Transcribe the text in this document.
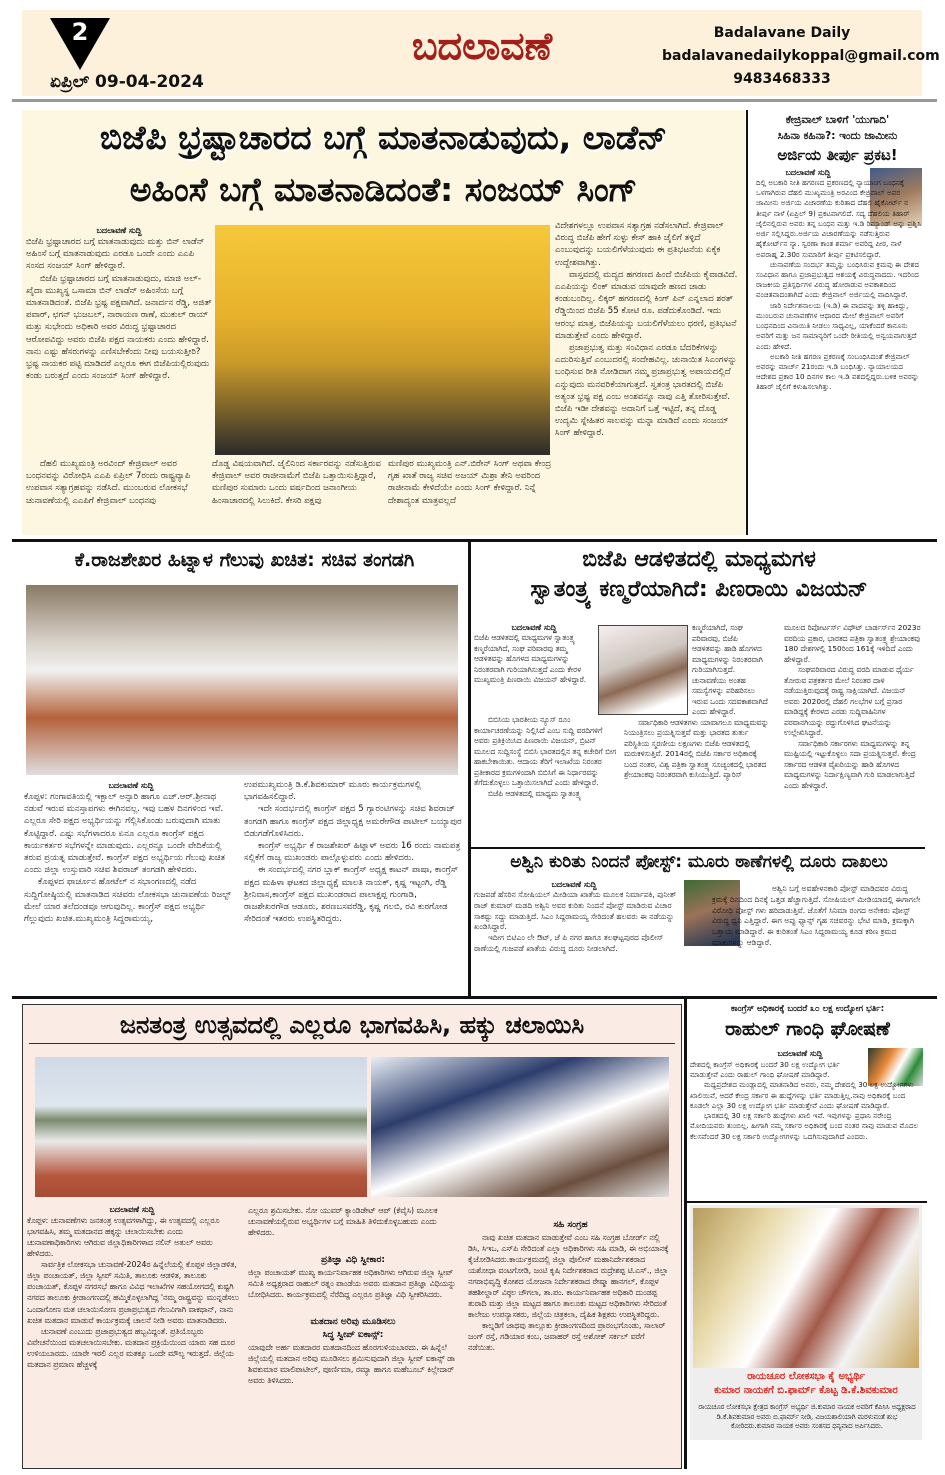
2
ಏಪ್ರಿಲ್ 09-04-2024
ಬದಲಾವಣೆ	Badalavane Daily
badalavanedailykoppal@gmail.com
9483468333
ಬಿಜೆಪಿ ಭ್ರಷ್ಟಾಚಾರದ ಬಗ್ಗೆ ಮಾತನಾಡುವುದು, ಲಾಡೆನ್
ಅಹಿಂಸೆ ಬಗ್ಗೆ ಮಾತನಾಡಿದಂತೆ: ಸಂಜಯ್ ಸಿಂಗ್
ಬದಲಾವಣೆ ಸುದ್ದಿ

ಬಿಜೆಪಿ ಭ್ರಷ್ಟಾಚಾರದ ಬಗ್ಗೆ ಮಾತನಾಡುವುದು ಮತ್ತು ಬಿನ್ ಲಾಡೆನ್ ಅಹಿಂಸೆ ಬಗ್ಗೆ ಮಾತನಾಡುವುದು ಎರಡೂ ಒಂದೇ ಎಂದು ಎಎಪಿ ಸಂಸದ ಸಂಜಯ್ ಸಿಂಗ್ ಹೇಳಿದ್ದಾರೆ.

ಬಿಜೆಪಿ ಭ್ರಷ್ಟಾಚಾರದ ಬಗ್ಗೆ ಮಾತನಾಡುವುದು, ಮಾಜಿ ಅಲ್-ಖೈದಾ ಮುಖ್ಯಸ್ಥ ಒಸಾಮಾ ಬಿನ್ ಲಾಡೆನ್ ಅಹಿಂಸೆಯ ಬಗ್ಗೆ ಮಾತನಾಡಿದಂತೆ. ಬಿಜೆಪಿ ಭ್ರಷ್ಟ ಪಕ್ಷವಾಗಿದೆ. ಜನಾರ್ದನ ರೆಡ್ಡಿ, ಅಜಿತ್ ಪವಾರ್, ಛಗನ್ ಭುಜಬಲ್, ನಾರಾಯಣ ರಾಣೆ, ಮುಕುಲ್ ರಾಯ್ ಮತ್ತು ಸುಭೇಂದು ಅಧಿಕಾರಿ ಅವರ ವಿರುದ್ಧ ಭ್ರಷ್ಟಾಚಾರದ ಆರೋಪವಿದ್ದು ಅವರು ಬಿಜೆಪಿ ಪಕ್ಷದ ನಾಯಕರು ಎಂದು ಹೇಳಿದ್ದಾರೆ. ನಾನು ಎಷ್ಟು ಹೆಸರುಗಳನ್ನು ಎಣಿಸಬೇಕೆಂದು ನೀವು ಬಯಸುತ್ತೀರಿ? ಭ್ರಷ್ಟ ನಾಯಕರ ಪಟ್ಟಿ ಮಾಡಿದರೆ ಎಲ್ಲರೂ ಈಗ ಬಿಜೆಪಿಯಲ್ಲಿರುವುದು ಕಂಡು ಬರುತ್ತದೆ ಎಂದು ಸಂಜಯ್ ಸಿಂಗ್ ಹೇಳಿದ್ದಾರೆ.

ವಿದೇಶಗಳಲ್ಲೂ ಉಪವಾಸ ಸತ್ಯಾಗ್ರಹ ನಡೆಸಲಾಗಿದೆ. ಕೇಜ್ರಿವಾಲ್ ವಿರುದ್ಧ ಬಿಜೆಪಿ ಹೇಗೆ ಸುಳ್ಳು ಕೇಸ್ ಹಾಕಿ ಜೈಲಿಗೆ ತಳ್ಳಿದೆ ಎಂಬುವುದನ್ನು ಬಯಲಿಗೆಳೆಯುವುದು ಈ ಪ್ರತಿಭಟನೆಯ ಏಕೈಕ ಉದ್ದೇಶವಾಗಿತ್ತು.

ವಾಸ್ತವದಲ್ಲಿ ಮದ್ಯದ ಹಗರಣದ ಹಿಂದೆ ಬಿಜೆಪಿಯ ಕೈವಾಡವಿದೆ. ಎಎಪಿಯನ್ನು ಲಿಂಕ್ ಮಾಡುವ ಯಾವುದೇ ಹಣದ ಜಾಡು ಕಂಡುಬಂದಿಲ್ಲ. ಲಿಕ್ಕರ್ ಹಗರಣದಲ್ಲಿ ಕಿಂಗ್ ಪಿನ್ ಎನ್ನಲಾದ ಶರತ್ ರೆಡ್ಡಿಯಿಂದ ಬಿಜೆಪಿ 55 ಕೋಟಿ ರೂ. ಪಡೆದುಕೊಂಡಿದೆ. ಇದು ಆರಂಭ ಮಾತ್ರ, ಬಿಜೆಪಿಯನ್ನು ಬಯಲಿಗೆಳೆಯಲು ಧರಣಿ, ಪ್ರತಿಭಟನೆ ಮಾಡುತ್ತೇವೆ ಎಂದು ಹೇಳಿದ್ದಾರೆ.

ಪ್ರಜಾಪ್ರಭುತ್ವ ಮತ್ತು ಸಂವಿಧಾನ ಎರಡೂ ಬೆದರಿಕೆಗಳನ್ನು ಎದುರಿಸುತ್ತಿವೆ ಎಂಬುದರಲ್ಲಿ ಸಂದೇಹವಿಲ್ಲ. ಚುನಾಯಿತ ಸಿಎಂಗಳನ್ನು ಬಂಧಿಸುವ ರೀತಿ ನೋಡಿದಾಗ ನಮ್ಮ ಪ್ರಜಾಪ್ರಭುತ್ವ ಅಪಾಯದಲ್ಲಿದೆ ಎನ್ನುವುದು ಮನವರಿಕೆಯಾಗುತ್ತದೆ. ಸ್ವತಂತ್ರ ಭಾರತದಲ್ಲಿ ಬಿಜೆಪಿ ಅತ್ಯಂತ ಭ್ರಷ್ಟ ಪಕ್ಷ ಎಂಬ ಅಂಶವನ್ನೂ ನಾವು ಎತ್ತಿ ತೋರಿಸುತ್ತೇವೆ. ಬಿಜೆಪಿ ಇಡೀ ದೇಶವನ್ನು ಅದಾನಿಗೆ ಒತ್ತೆ ಇಟ್ಟಿದೆ, ತನ್ನ ದೊಡ್ಡ ಉದ್ಯಮಿ ಸ್ನೇಹಿತರ ಸಾಲವನ್ನು ಮನ್ನಾ ಮಾಡಿದೆ ಎಂದು ಸಂಜಯ್ ಸಿಂಗ್ ಹೇಳಿದ್ದಾರೆ.

ದೆಹಲಿ ಮುಖ್ಯಮಂತ್ರಿ ಅರವಿಂದ್ ಕೇಜ್ರಿವಾಲ್ ಅವರ ಬಂಧನವನ್ನು ವಿರೋಧಿಸಿ ಎಎಪಿ ಏಪ್ರಿಲ್ 7ರಂದು ರಾಷ್ಟ್ರವ್ಯಾಪಿ ಉಪವಾಸ ಸತ್ಯಾಗ್ರಹವನ್ನು ನಡೆಸಿದೆ. ಮುಂಬರುವ ಲೋಕಸಭೆ ಚುನಾವಣೆಯಲ್ಲಿ ಎಎಪಿಗೆ ಕೇಜ್ರಿವಾಲ್ ಬಂಧನವು
ದೊಡ್ಡ ವಿಷಯವಾಗಿದೆ. ಜೈಲಿನಿಂದ ಸರ್ಕಾರವನ್ನು ನಡೆಸುತ್ತಿರುವ ಕೇಜ್ರಿವಾಲ್ ಅವರ ರಾಜೀನಾಮೆಗೆ ಬಿಜೆಪಿ ಒತ್ತಾಯಿಸುತ್ತಿದ್ದಾರೆ, ಮಣಿಪುರ ಸುಮಾರು ಒಂದು ವರ್ಷದಿಂದ ಜನಾಂಗೀಯ ಹಿಂಸಾಚಾರದಲ್ಲಿ ಸಿಲುಕಿದೆ. ಕೇಸರಿ ಪಕ್ಷವು
ಮಣಿಪುರ ಮುಖ್ಯಮಂತ್ರಿ ಎನ್.ಬಿರೇನ್ ಸಿಂಗ್ ಅಥವಾ ಕೇಂದ್ರ ಗೃಹ ಖಾತೆ ರಾಜ್ಯ ಸಚಿವ ಅಜಯ್ ಮಿಶ್ರಾ ತೇನಿ ಅವರಿಂದ ರಾಜೀನಾಮೆ ಕೇಳಿದೆಯೇ ಎಂದು ಸಿಂಗ್ ಕೇಳಿದ್ದಾರೆ. ನಿನ್ನೆ ದೇಶಾದ್ಯಂತ ಮಾತ್ರವಲ್ಲದೆ
ಕೇಜ್ರಿವಾಲ್ ಬಾಳಿಗೆ 'ಯುಗಾದಿ'
ಸಿಹಿನಾ ಕಹಿನಾ?: ಇಂದು ಜಾಮೀನು
ಅರ್ಜಿಯ ತೀರ್ಪು ಪ್ರಕಟ!
ಬದಲಾವಣೆ ಸುದ್ದಿ

ದಿಲ್ಲಿ ಅಬಕಾರಿ ನೀತಿ ಹಗರಣದ ಪ್ರಕರಣದಲ್ಲಿ ನ್ಯಾಯಾಂಗ ಬಂಧನಕ್ಕೆ ಒಳಗಾಗಿರುವ ದೆಹಲಿ ಮುಖ್ಯಮಂತ್ರಿ ಅರವಿಂದ ಕೇಜ್ರಿವಾಲ್ ಅವರ ಜಾಮೀನು ಅರ್ಜಿಯ ವಿಚಾರಣೆಯ ಕುರಿತಾದ ದೆಹಲಿ ಹೈಕೋರ್ಟ್ ನ ತೀರ್ಪು ನಾಳೆ (ಏಪ್ರಿಲ್ 9) ಪ್ರಕಟವಾಗಲಿದೆ. ಸದ್ಯ ದೆಹಲಿಯ ತಿಹಾರ್ ಜೈಲಿನಲ್ಲಿರುವ ಅವರು ತನ್ನ ಬಂಧನ ಮತ್ತು ಇ.ಡಿ ರಿಮ್ಯಾಂಡ್ ಅನ್ನು ಪ್ರಶ್ನಿಸಿ ಅರ್ಜಿ ಸಲ್ಲಿಸಿದ್ದರು.ಅರ್ಜಿಯ ವಿಚಾರಣೆಯನ್ನು ನಡೆಸುತ್ತಿರುವ ಹೈಕೋರ್ಟ್‌ನ ನ್ಯಾ. ಸ್ವರಣಾ ಕಾಂತ ಶರ್ಮಾ ಅವರಿದ್ದ ಪೀಠ, ನಾಳೆ ಅಪರಾಹ್ನ 2.30ರ ಸುಮಾರಿಗೆ ತೀರ್ಪು ಪ್ರಕಟಿಸಲಿದ್ದಾರೆ.

ಚುನಾವಣೆಯ ಸಂದರ್ಭ ತಮ್ಮನ್ನು ಬಂಧಿಸಿರುವ ಕ್ರಮವು ಈ ದೇಶದ ಸಂವಿಧಾನ ಹಾಗೂ ಪ್ರಜಾಪ್ರಭುತ್ವದ ಆಶಯಕ್ಕೆ ವಿರುದ್ಧವಾದದು. ಇದರಿಂದ ರಾಜಕೀಯ ಪ್ರತಿಸ್ಪರ್ಧಿಗಳ ವಿರುದ್ಧ ಹೋರಾಡುವ ಅವಕಾಶದಿಂದ ವಂಚಿತವಾದಂತಾಗಿದೆ ಎಂದು ಕೇಜ್ರಿವಾಲ್ ಅರ್ಜಿಯಲ್ಲಿ ವಾದಿಸಿದ್ದಾರೆ.

ಜಾರಿ ನಿರ್ದೇಶನಾಲಯ (ಇ.ಡಿ) ಈ ವಾದವನ್ನು ತಳ್ಳಿ ಹಾಕಿದ್ದು, ಮುಂಬರುವ ಚುನಾವಣೆಗಳ ಆಧಾರದ ಮೇಲೆ ಕೇಜ್ರಿವಾಲ್ ಅವರಿಗೆ ಬಂಧನದಿಂದ ವಿನಾಯಿತಿ ನೀಡಲು ಸಾಧ್ಯವಿಲ್ಲ, ಯಾಕೆಂದರೆ ಕಾನೂನು ಅವರಿಗೆ ಮತ್ತು ಜನ ಸಾಮಾನ್ಯರಿಗೆ ಒಂದೇ ರೀತಿಯಲ್ಲಿ ಅನ್ವಯವಾಗುತ್ತದೆ ಎಂದು ಹೇಳಿದೆ.

ಅಬಕಾರಿ ನೀತಿ ಹಗರಣ ಪ್ರಕರಣಕ್ಕೆ ಸಂಬಂಧಿಸಿದಂತೆ ಕೇಜ್ರಿವಾಲ್ ಅವರನ್ನು ಮಾರ್ಚ್ 21ರಂದು ಇ.ಡಿ ಬಂಧಿಸಿತ್ತು. ನ್ಯಾಯಾಲಯದ ಆದೇಶದ ಪ್ರಕಾರ 10 ದಿನಗಳ ಕಾಲ ಇ.ಡಿ ವಶದಲ್ಲಿದ್ದರು.ಬಳಿಕ ಅವರನ್ನು ತಿಹಾರ್ ಜೈಲಿಗೆ ಕಳುಹಿಸಲಾಗಿತ್ತು.

ಕೆ.ರಾಜಶೇಖರ ಹಿಟ್ನಾಳ ಗೆಲುವು ಖಚಿತ: ಸಚಿವ ತಂಗಡಗಿ
ಬದಲಾವಣೆ ಸುದ್ದಿ

ಕೊಪ್ಪಳ: ಗಂಗಾವತಿಯಲ್ಲಿ ಇಕ್ಬಾಲ್ ಅನ್ಸಾರಿ ಹಾಗೂ ಎಚ್.ಆರ್.ಶ್ರೀನಾಥ ನಡುವೆ ಇರುವ ಮನಸ್ತಾಪಗಳು ಈಗಿನವಲ್ಲ. ಇವು ಬಹಳ ದಿನಗಳಿಂದ ಇವೆ. ಎಲ್ಲರೂ ಸೇರಿ ಪಕ್ಷದ ಅಭ್ಯರ್ಥಿಯನ್ನು ಗೆಲ್ಲಿಸಿಕೊಂಡು ಬರುವುದಾಗಿ ಮಾತು ಕೊಟ್ಟಿದ್ದಾರೆ. ಎಷ್ಟು ಸಭೆಗಳಾದರೂ ಏನೂ ಎಲ್ಲರೂ ಕಾಂಗ್ರೆಸ್ ಪಕ್ಷದ ಕಾರ್ಯಕರ್ತರ ಸಭೆಗಳನ್ನೇ ಮಾಡುವುದು. ಎಲ್ಲರನ್ನೂ ಒಂದೇ ವೇದಿಕೆಯಲ್ಲಿ ತರುವ ಪ್ರಯತ್ನ ಮಾಡುತ್ತೇವೆ. ಕಾಂಗ್ರೆಸ್ ಪಕ್ಷದ ಅಭ್ಯರ್ಥಿಯ ಗೆಲುವು ಖಚಿತ ಎಂದು ಜಿಲ್ಲಾ ಉಸ್ತುವಾರಿ ಸಚಿವ ಶಿವರಾಜ್ ತಂಗಡಗಿ ಹೇಳಿದರು.

ಕೊಪ್ಪಳದ ಫಾರ್ಚೂನ ಹೋಟೆಲ್ ನ ಸಭಾಂಗಣದಲ್ಲಿ ನಡೆದ ಸುದ್ದಿಗೋಷ್ಠಿಯಲ್ಲಿ ಮಾತನಾಡಿದ ಸಚಿವರು ಲೋಕಸಭಾ ಚುನಾವಣೆಯ ರಿಜಲ್ಟ್ ಮೇಲೆ ಯಾರ ತಲೆದಂಡವೂ ಆಗುವುದಿಲ್ಲ. ಕಾಂಗ್ರೆಸ್ ಪಕ್ಷದ ಅಭ್ಯರ್ಥಿ ಗೆಲ್ಲುವುದು ಖಚಿತ.ಮುಖ್ಯಮಂತ್ರಿ ಸಿದ್ದರಾಮಯ್ಯ,

ಉಪಮುಖ್ಯಮಂತ್ರಿ ಡಿ.ಕೆ.ಶಿವಕುಮಾರ್ ಮೂರು ಕಾರ್ಯಕ್ರಮಗಳಲ್ಲಿ ಭಾಗವಹಿಸಲಿದ್ದಾರೆ.

ಇದೇ ಸಂದರ್ಭದಲ್ಲಿ ಕಾಂಗ್ರೆಸ್ ಪಕ್ಷದ 5 ಗ್ಯಾರಂಟಿಗಳನ್ನು ಸಚಿವ ಶಿವರಾಜ್ ತಂಗಡಗಿ ಹಾಗೂ ಕಾಂಗ್ರೆಸ್ ಪಕ್ಷದ ಜಿಲ್ಲಾಧ್ಯಕ್ಷ ಅಮರೇಗೌಡ ಪಾಟೀಲ್ ಬಯ್ಯಾಪುರ ಬಿಡುಗಡೆಗೊಳಿಸಿದರು.

ಕಾಂಗ್ರೆಸ್ ಅಭ್ಯರ್ಥಿ ಕೆ ರಾಜಶೇಖರ್ ಹಿಟ್ನಾಳ್ ಅವರು 16 ರಂದು ನಾಮಪತ್ರ ಸಲ್ಲಿಕೆಗೆ ರಾಜ್ಯ ಮುಖಂಡರು ಪಾಲ್ಗೊಳ್ಳುವರು ಎಂದು ಹೇಳಿದರು.

ಈ ಸಂದರ್ಭದಲ್ಲಿ ನಗರ ಬ್ಲಾಕ್ ಕಾಂಗ್ರೆಸ್ ಅಧ್ಯಕ್ಷ ಕಾಟನ್ ಪಾಷಾ, ಕಾಂಗ್ರೆಸ್ ಪಕ್ಷದ ಮಹಿಳಾ ಘಟಕದ ಜಿಲ್ಲಾಧ್ಯಕ್ಷೆ ಮಾಲತಿ ನಾಯಕ್, ಕೃಷ್ಣ ಇಟ್ಟಂಗಿ, ರೆಡ್ಡಿ ಶ್ರೀನಿವಾಸ,ಕಾಂಗ್ರೆಸ್ ಪಕ್ಷದ ಮುಖಂಡರಾದ ಪಾಲಾಕ್ಷಪ್ಪ ಗುಂಗಾಡಿ, ರಾಜಶೇಖರಗೌಡ ಆಡೂರು, ಶರಣಬಸವರೆಡ್ಡಿ, ಕೃಷ್ಣ ಗಲಬಿ, ರವಿ ಕುರಗೋಡ ಸೇರಿದಂತೆ ಇತರರು ಉಪಸ್ಥಿತರಿದ್ದರು.

ಬಿಜೆಪಿ ಆಡಳಿತದಲ್ಲಿ ಮಾಧ್ಯಮಗಳ
ಸ್ವಾತಂತ್ರ್ಯ ಕಣ್ಮರೆಯಾಗಿದೆ: ಪಿಣರಾಯಿ ವಿಜಯನ್
ಬದಲಾವಣೆ ಸುದ್ದಿ

ಬಿಜೆಪಿ ಆಡಳಿತದಲ್ಲಿ ಮಾಧ್ಯಮಗಳ ಸ್ವಾತಂತ್ರ್ಯ ಕಣ್ಮರೆಯಾಗಿದೆ, ಸಂಘ ಪರಿವಾರವು ತಮ್ಮ ಆಡಳಿತವನ್ನು ಹೊಗಳದ ಮಾಧ್ಯಮಗಳನ್ನು ನಿರಂತರವಾಗಿ ಗುರಿಯಾಗಿಸುತ್ತದೆ ಎಂದು ಕೇರಳ ಮುಖ್ಯಮಂತ್ರಿ ಪಿಣರಾಯಿ ವಿಜಯನ್ ಹೇಳಿದ್ದಾರೆ.

ಬಿಬಿಸಿಯ ಭಾರತೀಯ ನ್ಯೂಸ್ ರೂಂ ಕಾರ್ಯಾಚರಣೆಯನ್ನು ನಿಲ್ಲಿಸಿದೆ ಎಂಬ ಸುದ್ದಿ ವರದಿಗಳಿಗೆ ಅವರು ಪ್ರತಿಕ್ರಿಯಿಸಿದ ಪಿಣರಾಯಿ ವಿಜಯನ್, ಬ್ರಿಟನ್ ಮೂಲದ ಸುದ್ದಿಸಂಸ್ಥೆ ಬಿಬಿಸಿ ಭಾರತದಲ್ಲಿನ ತನ್ನ ಕಚೇರಿಗೆ ಬೀಗ ಹಾಕಬೇಕಾಯಿತು. ಆದಾಯ ತೆರಿಗೆ ಇಲಾಖೆಯ ನಿರಂತರ ಪ್ರತೀಕಾರದ ಕ್ರಮಗಳಿಂದಾಗಿ ಬಿಬಿಸಿಗೆ ಈ ನಿರ್ಧಾರವನ್ನು ತೆಗೆದುಕೊಳ್ಳಲು ಒತ್ತಾಯಿಸಲಾಗಿದೆ ಎಂದು ಹೇಳಿದ್ದಾರೆ.

ಬಿಜೆಪಿ ಆಡಳಿತದಲ್ಲಿ ಮಾಧ್ಯಮ ಸ್ವಾತಂತ್ರ್ಯ

ಕಣ್ಮರೆಯಾಗಿದೆ, ಸಂಘ ಪರಿವಾರವು, ಬಿಜೆಪಿ ಆಡಳಿತವನ್ನು ಹಾಡಿ ಹೊಗಳದ ಮಾಧ್ಯಮಗಳನ್ನು ನಿರಂತರವಾಗಿ ಗುರಿಯಾಗಿಸುತ್ತದೆ. ಚುನಾವಣೆಯು ಅಂತಹ ಸಮಸ್ಯೆಗಳನ್ನು ಪರಿಹರಿಸಲು ಇರುವ ಒಂದು ಸದವಕಾಶವಾಗಿದೆ ಎಂದು ಹೇಳಿದ್ದಾರೆ.

ಸರ್ವಾಧಿಕಾರಿ ಆಡಳಿತಗಳು ಯಾವಾಗಲೂ ಮಾಧ್ಯಮವನ್ನು ನಿಯಂತ್ರಿಸಲು ಪ್ರಯತ್ನಿಸುತ್ತವೆ ಮತ್ತು ಭಾರತದ ತುರ್ತು ಪರಿಸ್ಥಿತಿಯ ಸ್ಮರಣೀಯ ಲಕ್ಷಣಗಳು ಬಿಜೆಪಿ ಆಡಳಿತದಲ್ಲಿ ಮರುಕಳಿಸುತ್ತಿವೆ. 2014ರಲ್ಲಿ ಬಿಜೆಪಿ ಸರ್ಕಾರ ಅಧಿಕಾರಕ್ಕೆ ಬಂದ ನಂತರ, ವಿಶ್ವ ಪತ್ರಿಕಾ ಸ್ವಾತಂತ್ರ್ಯ ಸೂಚ್ಯಂಕದಲ್ಲಿ ಭಾರತದ ಶ್ರೇಯಾಂಕವು ನಿರಂತರವಾಗಿ ಕುಸಿಯುತ್ತಿದೆ. ಪ್ಯಾರಿಸ್

ಮೂಲದ ರಿಪೋರ್ಟರ್ಸ್ ವಿಥೌಟ್ ಬಾರ್ಡರ್ಸ್‌ನ 2023ರ ವರದಿಯ ಪ್ರಕಾರ, ಭಾರತದ ಪತ್ರಿಕಾ ಸ್ವಾತಂತ್ರ್ಯ ಶ್ರೇಯಾಂಕವು 180 ದೇಶಗಳಲ್ಲಿ 150ರಿಂದ 161ಕ್ಕೆ ಇಳಿದಿದೆ ಎಂದು ಹೇಳಿದ್ದಾರೆ.

ಸಂಘಪರಿವಾರದ ವಿರುದ್ಧ ವರದಿ ಮಾಡುವ ಧೈರ್ಯ ತೋರುವ ಪತ್ರಕರ್ತರ ಮೇಲೆ ನಿರಂತರ ದಾಳಿ ನಡೆಯುತ್ತಿರುವುದಕ್ಕೆ ರಾಷ್ಟ್ರ ಸಾಕ್ಷಿಯಾಗಿದೆ. ವಿಜಯನ್ ಅವರು 2020ರಲ್ಲಿ ದೆಹಲಿ ಗಲಭೆಗಳ ಬಗ್ಗೆ ಪ್ರಸಾರ ಮಾಡಿದ್ದಕ್ಕೆ ಕೇರಳದ ಎರಡು ಸುದ್ದಿವಾಹಿನಿಗಳ ಪರವಾನಗಿಯನ್ನು ರದ್ದುಗೊಳಿಸಿದ ಘಟನೆಯನ್ನು ಉಲ್ಲೇಖಿಸಿದ್ದಾರೆ.

ಸರ್ವಾಧಿಕಾರಿ ಸರ್ಕಾರಗಳು ಮಾಧ್ಯಮಗಳನ್ನು ತನ್ನ ಮುಷ್ಟಿಯಲ್ಲಿ ಇಟ್ಟುಕೊಳ್ಳಲು ಸದಾ ಪ್ರಯತ್ನಿಸುತ್ತವೆ. ಕೇಂದ್ರ ಸರ್ಕಾರದ ಆಡಳಿತ ವೈಖರಿಯನ್ನು ಹಾಡಿ ಹೊಗಳದ ಮಾಧ್ಯಮಗಳನ್ನು ನಿರ್ದಾಕ್ಷಿಣ್ಯವಾಗಿ ಗುರಿ ಮಾಡಲಾಗುತ್ತಿದೆ ಎಂದು ಹೇಳಿದ್ದಾರೆ.

ಅಶ್ವಿನಿ ಕುರಿತು ನಿಂದನೆ ಪೋಸ್ಟ್: ಮೂರು ಠಾಣೆಗಳಲ್ಲಿ ದೂರು ದಾಖಲು
ಬದಲಾವಣೆ ಸುದ್ದಿ

ಗುಜಪಡೆ ಹೆಸರಿನ ಸೋಷಿಯಲ್ ಮೀಡಿಯಾ ಖಾತೆಯ ಮೂಲಕ ನಿರ್ಮಾಪಕಿ, ಪುನೀತ್ ರಾಜ್ ಕುಮಾರ್ ಮಡದಿ ಅಶ್ವಿನಿ ಅವರ ಕುರಿತು ನಿಂದನೆ ಪೋಸ್ಟ್ ಮಾಡಿರುವ ವಿಚಾರ ಸಾಕಷ್ಟು ಸದ್ದು ಮಾಡುತ್ತಿದೆ. ಸಿಎಂ ಸಿದ್ದರಾಮಯ್ಯ ಸೇರಿದಂತೆ ಹಲವರು ಈ ನಡೆಯನ್ನು ಖಂಡಿಸಿದ್ದಾರೆ.

ಇದೀಗ ಬಿಟಿಎಂ ಲೇ ಔಟ್, ಜೆ ಪಿ ನಗರ ಹಾಗೂ ತಲಘಟ್ಟಪುರದ ಪೊಲೀಸ್ ಠಾಣೆಯಲ್ಲಿ ಗುಜಪಡೆ ಖಾತೆಯ ವಿರುದ್ಧ ದೂರು ನೀಡಲಾಗಿದೆ.

ಅಶ್ವಿನಿ ಬಗ್ಗೆ ಅವಹೇಳನಕಾರಿ ಪೋಸ್ಟ್ ಮಾಡಿದವರ ವಿರುದ್ಧ ಕ್ರಮಕ್ಕೆ ದಿನದಿಂದ ದಿನಕ್ಕೆ ಒತ್ತಡ ಹೆಚ್ಚಾಗುತ್ತಿದೆ. ಸೋಷಿಯಲ್ ಮೀಡಿಯಾದಲ್ಲಿ ಈಗಾಗಲೇ ವಿರೋಧಿ ಪೋಸ್ಟ್ ಗಳು ಹರಿದಾಡುತ್ತಿವೆ. ಜೊತೆಗೆ ಸಿನಿಮಾ ರಂಗದ ಅನೇಕರು ಪೋಸ್ಟ್ ವಿರುದ್ಧ ಧ್ವನಿ ಎತ್ತಿದ್ದಾರೆ. ಈಗ ಅಪ್ಪು ಫ್ಯಾನ್ಸ್ ಗೃಹ ಸಚಿವರನ್ನು ಭೇಟಿ ಮಾಡಿ, ಕ್ರಮಕ್ಕಾಗಿ ಒತ್ತಾಯ ಮಾಡಿದ್ದಾರೆ. ಈ ಕುರಿತಂತೆ ಸಿಎಂ ಸಿದ್ದರಾಮಯ್ಯ ಕೂಡ ಕಠಿಣ ಕ್ರಮದ ಮಾತುಗಳನ್ನು ಆಡಿದ್ದಾರೆ.
ಜನತಂತ್ರ ಉತ್ಸವದಲ್ಲಿ ಎಲ್ಲರೂ ಭಾಗವಹಿಸಿ, ಹಕ್ಕು ಚಲಾಯಿಸಿ
ಬದಲಾವಣೆ ಸುದ್ದಿ

ಕೊಪ್ಪಳ: ಚುನಾವಣೆಗಳು ಜನತಂತ್ರ ಉತ್ಸವಗಳಾಗಿದ್ದು, ಈ ಉತ್ಸವದಲ್ಲಿ ಎಲ್ಲರೂ ಭಾಗವಹಿಸಿ, ತಮ್ಮ ಮತದಾನದ ಹಕ್ಕನ್ನು ಚಲಾಯಿಸಬೇಕು ಎಂದು ಚುನಾವಣಾಧಿಕಾರಿಗಳು ಆಗಿರುವ ಜಿಲ್ಲಾಧಿಕಾರಿಗಳಾದ ನಲಿನ್ ಅತುಲ್ ಅವರು ಹೇಳಿದರು.

ಸಾರ್ವತ್ರಿಕ ಲೋಕಸಭಾ ಚುನಾವಣೆ-2024ರ ಹಿನ್ನೆಲೆಯಲ್ಲಿ ಕೊಪ್ಪಳ ಜಿಲ್ಲಾಡಳಿತ, ಜಿಲ್ಲಾ ಪಂಚಾಯತ್, ಜಿಲ್ಲಾ ಸ್ವೀಪ್ ಸಮಿತಿ, ತಾಲೂಕು ಆಡಳಿತ, ತಾಲೂಕು ಪಂಚಾಯತ್, ಕೊಪ್ಪಳ ನಗರಸಭೆ ಹಾಗೂ ವಿವಿಧ ಇಲಾಖೆಗಳ ಸಹಯೋಗದಲ್ಲಿ ಕುಷ್ಟಗಿ ನಗರದ ತಾಲೂಕು ಕ್ರೀಡಾಂಗಣದಲ್ಲಿ ಹಮ್ಮಿಕೊಳ್ಳಲಾಗಿದ್ದ 'ನಮ್ಮ ರಾಷ್ಟ್ರವನ್ನು ಮುನ್ನಡೆಸಲು ಒಂದಾಗೋಣ ಮತ ಚಲಾಯಿಸೋಣ ಪ್ರಜಾಪ್ರಭುತ್ವದ ಗೆಲುವಿಗಾಗಿ ವಾಕಥಾನ್, ನಾನು ಖಚಿತ ಮತದಾನ ಮಾಡುವೆ ಕಾರ್ಯಕ್ರಮಕ್ಕೆ ಚಾಲನೆ ನೀಡಿ ಅವರು ಮಾತನಾಡಿದರು.

ಚುನಾವಣೆ ಎಂಬುದು ಪ್ರಜಾಪ್ರಭುತ್ವದ ಹಬ್ಬವಿದ್ದಂತೆ. ಪ್ರತಿಯೊಬ್ಬರು ವಿವೇಚನೆಯಿಂದ ಮತಚಲಾಯಿಸಬೇಕು. ಮತದಾನ ಪ್ರಕ್ರಿಯೆಯಿಂದ ಯಾರು ಸಹ ದೂರ ಉಳಿಯಬಾರದು. ಯಾರೇ ಇರಲಿ ಎಲ್ಲರ ಮತಕ್ಕೂ ಒಂದೇ ಮೌಲ್ಯ ಇರುತ್ತದೆ. ಜಿಲ್ಲೆಯ ಮತದಾನ ಪ್ರಮಾಣ ಹೆಚ್ಚಳಕ್ಕೆ

ಎಲ್ಲರೂ ಶ್ರಮಿಸಬೇಕು. ನೋ ಯುವರ್ ಕ್ಯಾಂಡಿಡೇಟ್ ಆಪ್ (ಕೆವೈಸಿ) ಮೂಲಕ ಚುನಾವಣೆಯಲ್ಲಿರುವ ಅಭ್ಯರ್ಥಿಗಳ ಬಗ್ಗೆ ಮಾಹಿತಿ ತಿಳಿದುಕೊಳ್ಳಬಹುದು ಎಂದು ಹೇಳಿದರು.

ಪ್ರತಿಜ್ಞಾ ವಿಧಿ ಸ್ವೀಕಾರ:

ಜಿಲ್ಲಾ ಪಂಚಾಯತ್ ಮುಖ್ಯ ಕಾರ್ಯನಿರ್ವಾಹಕ ಅಧಿಕಾರಿಗಳು ಆಗಿರುವ ಜಿಲ್ಲಾ ಸ್ವೀಪ್ ಸಮಿತಿ ಅಧ್ಯಕ್ಷರಾದ ರಾಹುಲ್ ರತ್ನಂ ಪಾಂಡೆಯ ಅವರು ಮತದಾನ ಪ್ರತಿಜ್ಞಾ ವಿಧಿಯನ್ನು ಬೋಧಿಸಿದರು. ಕಾರ್ಯಕ್ರಮದಲ್ಲಿ ನೆರೆದಿದ್ದ ಎಲ್ಲರೂ ಪ್ರತಿಜ್ಞಾ ವಿಧಿ ಸ್ವೀಕರಿಸಿದರು.

ಮತದಾನ ಅರಿವು ಮೂಡಿಸಲು
ಸಿದ್ಧ ಸ್ವೀಪ್ ಐಕಾನ್ಸ್:

ಯಾವುದೇ ಅರ್ಹ ಮತದಾರರ ಮತದಾನದಿಂದ ಹೊರಗುಳಿಯಬಾರದು. ಈ ಹಿನ್ನೆಲೆ ಜಿಲ್ಲೆಯಲ್ಲಿ ಮತದಾನ ಅರಿವು ಮೂಡಿಸಲು ಶ್ರಮಿಸುವುದಾಗಿ ಜಿಲ್ಲಾ ಸ್ವೀಪ್ ಐಕಾನ್ಸ್ ಡಾ ಶಿವಕುಮಾರ ಮಾಲಿಪಾಟೀಲ್, ಪೂರ್ಣಿಮಾ, ರಮ್ಯಾ ಹಾಗೂ ಮಹೆಬೂಬ್ ಕಿಲ್ಲೇದಾರ್ ಅವರು ತಿಳಿಸಿದರು.

ಸಹಿ ಸಂಗ್ರಹ

ನಾವು ಖಚಿತ ಮತದಾನ ಮಾಡುತ್ತೇವೆ ಎಂಬ ಸಹಿ ಸಂಗ್ರಹ ಬೋರ್ಡ್ ನಲ್ಲಿ ಡಿಸಿ, ಸಿಇಒ, ಎಸ್‌ಪಿ ಸೇರಿದಂತೆ ಎಲ್ಲಾ ಅಧಿಕಾರಿಗಳು ಸಹಿ ಮಾಡಿ, ಈ ಅಭಿಯಾನಕ್ಕೆ ಕೈಜೋಡಿಸಿದರು.ಕಾರ್ಯಕ್ರಮದಲ್ಲಿ ಜಿಲ್ಲಾ ಪೊಲೀಸ್ ಮಹಾನಿರ್ದೇಶಕರಾದ ಯಶೋಧಾ ವಂಟಗೋಡಿ, ಜಂಟಿ ಕೃಷಿ ನಿರ್ದೇಶಕರಾದ ರುದ್ರೇಶಪ್ಪ ಟಿ.ಎಸ್., ಜಿಲ್ಲಾ ನಗರಾಭಿವೃದ್ಧಿ ಕೋಶದ ಯೋಜನಾ ನಿರ್ದೇಶಕರಾದ ರೇಷ್ಮಾ ಹಾನಗಲ್, ಕೊಪ್ಪಳ ತಹಶೀಲ್ದಾರ್ ವಿಠ್ಠಲ ಚೌಗಲಾ, ತಾ.ಪಂ. ಕಾರ್ಯನಿರ್ವಾಹಕ ಅಧಿಕಾರಿ ದುಂಡಪ್ಪ ತುರಾದಿ ಮತ್ತು ಜಿಲ್ಲಾ ಮಟ್ಟದ ಹಾಗೂ ತಾಲೂಕು ಮಟ್ಟದ ಅಧಿಕಾರಿಗಳು ಸೇರಿದಂತೆ ಕಾಲೇಜು ಉಪನ್ಯಾಸಕರು, ಜಿಲ್ಲೆಯ ಚಿತ್ರಕಲಾ, ದೈಹಿಕ ಶಿಕ್ಷಕರು ಉಪಸ್ಥಿತರಿದ್ದರು.

ಕಾಲ್ನಡಿಗೆ ಜಾಥವು ತಾಲ್ಲೂಕು ಕ್ರೀಡಾಂಗಣದಿಂದ ಪ್ರಾರಂಭಗೊಂಡು, ಸಾಲಾರ್ ಜಂಗ್ ರಸ್ತೆ, ಗಡಿಯಾರ ಕಂಬ, ಜವಾಹರ್ ರಸ್ತೆ ಅಶೋಕ್ ಸರ್ಕಲ್ ವರೆಗೆ ನಡೆಯಿತು.

ಕಾಂಗ್ರೆಸ್ ಅಧಿಕಾರಕ್ಕೆ ಬಂದರೆ ೩೦ ಲಕ್ಷ ಉದ್ಯೋಗ ಭರ್ತಿ:
ರಾಹುಲ್ ಗಾಂಧಿ ಘೋಷಣೆ
ಬದಲಾವಣೆ ಸುದ್ದಿ

ದೇಶದಲ್ಲಿ ಕಾಂಗ್ರೆಸ್ ಅಧಿಕಾರಕ್ಕೆ ಬಂದರೆ 30 ಲಕ್ಷ ಉದ್ಯೋಗ ಭರ್ತಿ ಮಾಡುತ್ತೇವೆ ಎಂದು ರಾಹುಲ್ ಗಾಂಧಿ ಘೋಷಣೆ ಮಾಡಿದ್ದಾರೆ.

ಮಧ್ಯಪ್ರದೇಶದ ಮಂಡ್ಲಾದಲ್ಲಿ ಮಾತನಾಡಿದ ಅವರು, ನಮ್ಮ ದೇಶದಲ್ಲಿ 30 ಲಕ್ಷ ಉದ್ಯೋಗಗಳು ಖಾಲಿಯಿವೆ, ಆದರೆ ಕೇಂದ್ರ ಸರ್ಕಾರ ಈ ಹುದ್ದೆಗಳನ್ನು ಭರ್ತಿ ಮಾಡುತ್ತಿಲ್ಲ.ನಾವು ಅಧಿಕಾರಕ್ಕೆ ಬಂದ ಕೂಡಲೇ ಎಲ್ಲಾ 30 ಲಕ್ಷ ಉದ್ಯೋಗ ಭರ್ತಿ ಮಾಡುತ್ತೇವೆ ಎಂದು ಘೋಷಣೆ ಮಾಡಿದ್ದಾರೆ.

ಭಾರತದಲ್ಲಿ 30 ಲಕ್ಷ ಸರ್ಕಾರಿ ಹುದ್ದೆಗಳು ಖಾಲಿ ಇವೆ. ಇವುಗಳನ್ನು ಪ್ರಧಾನಿ ನರೇಂದ್ರ ಮೋದಿಯವರು ತುಂಬಿಲ್ಲ. ಹೀಗಾಗಿ ನಮ್ಮ ಸರ್ಕಾರ ಅಧಿಕಾರಕ್ಕೆ ಬಂದ ನಂತರ ನಾವು ಮಾಡುವ ಮೊದಲ ಕೆಲಸವೆಂದರೆ 30 ಲಕ್ಷ ಸರ್ಕಾರಿ ಉದ್ಯೋಗಗಳನ್ನು ಒದಗಿಸುವುದಾಗಿದೆ ಎಂದರು.

ರಾಯಚೂರ ಲೋಕಸಭಾ ಕೈ ಅಭ್ಯರ್ಥಿ
ಕುಮಾರ ನಾಯಕಗೆ ಬಿ.ಫಾರ್ಮ್ ಕೊಟ್ಟ ಡಿ.ಕೆ.ಶಿವಕುಮಾರ
ರಾಯಚೂರ ಲೋಕಸಭಾ ಕ್ಷೇತ್ರದ ಕಾಂಗ್ರೆಸ್ ಅಭ್ಯರ್ಥಿ ಜಿ.ಕುಮಾರ ನಾಯಕ ಅವರಿಗೆ ಕೆಪಿಸಿಸಿ ಅಧ್ಯಕ್ಷರಾದ ಡಿ.ಕೆ.ಶಿವಕುಮಾರ ಅವರು ಬಿ.ಫಾರ್ಮ್ ನೀಡಿ, ವಿಜಯಶಾಲಿಯಾಗಿ ಮರಳುವಂತೆ ಶುಭ ಕೋರಿದರು.ಕುಮಾರ ನಾಯಕ ಅವರು ಸಂತಸದ ಧನ್ಯವಾದ ಅರ್ಪಿಸಿದರು.
